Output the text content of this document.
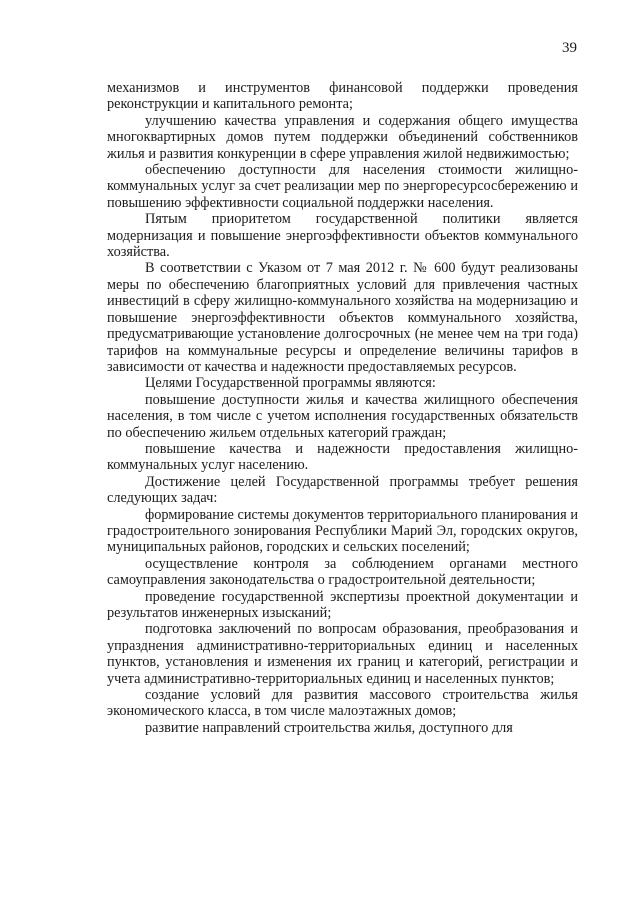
39

механизмов и инструментов финансовой поддержки проведения реконструкции и капитального ремонта;

улучшению качества управления и содержания общего имущества многоквартирных домов путем поддержки объединений собственников жилья и развития конкуренции в сфере управления жилой недвижимостью;

обеспечению доступности для населения стоимости жилищно-коммунальных услуг за счет реализации мер по энергоресурсосбережению и повышению эффективности социальной поддержки населения.

Пятым приоритетом государственной политики является модернизация и повышение энергоэффективности объектов коммунального хозяйства.

В соответствии с Указом от 7 мая 2012 г. № 600 будут реализованы меры по обеспечению благоприятных условий для привлечения частных инвестиций в сферу жилищно-коммунального хозяйства на модернизацию и повышение энергоэффективности объектов коммунального хозяйства, предусматривающие установление долгосрочных (не менее чем на три года) тарифов на коммунальные ресурсы и определение величины тарифов в зависимости от качества и надежности предоставляемых ресурсов.

Целями Государственной программы являются:

повышение доступности жилья и качества жилищного обеспечения населения, в том числе с учетом исполнения государственных обязательств по обеспечению жильем отдельных категорий граждан;

повышение качества и надежности предоставления жилищно-коммунальных услуг населению.

Достижение целей Государственной программы требует решения следующих задач:

формирование системы документов территориального планирования и градостроительного зонирования Республики Марий Эл, городских округов, муниципальных районов, городских и сельских поселений;

осуществление контроля за соблюдением органами местного самоуправления законодательства о градостроительной деятельности;

проведение государственной экспертизы проектной документации и результатов инженерных изысканий;

подготовка заключений по вопросам образования, преобразования и упразднения административно-территориальных единиц и населенных пунктов, установления и изменения их границ и категорий, регистрации и учета административно-территориальных единиц и населенных пунктов;

создание условий для развития массового строительства жилья экономического класса, в том числе малоэтажных домов;

развитие направлений строительства жилья, доступного для
